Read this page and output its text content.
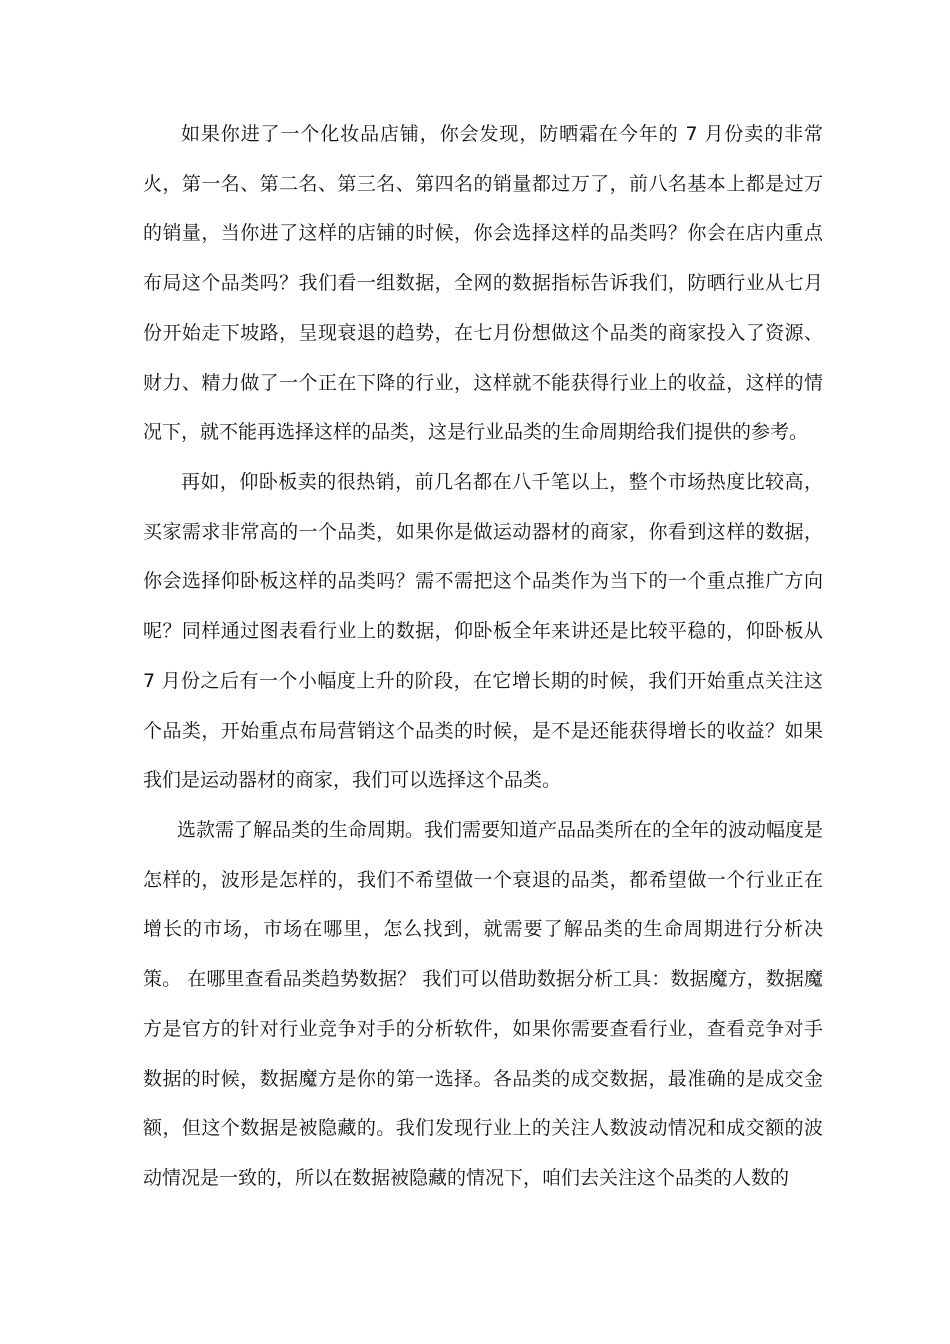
如果你进了一个化妆品店铺，你会发现，防晒霜在今年的 7 月份卖的非常火，第一名、第二名、第三名、第四名的销量都过万了，前八名基本上都是过万的销量，当你进了这样的店铺的时候，你会选择这样的品类吗？你会在店内重点布局这个品类吗？我们看一组数据，全网的数据指标告诉我们，防晒行业从七月份开始走下坡路，呈现衰退的趋势，在七月份想做这个品类的商家投入了资源、财力、精力做了一个正在下降的行业，这样就不能获得行业上的收益，这样的情况下，就不能再选择这样的品类，这是行业品类的生命周期给我们提供的参考。

再如，仰卧板卖的很热销，前几名都在八千笔以上，整个市场热度比较高，买家需求非常高的一个品类，如果你是做运动器材的商家，你看到这样的数据，你会选择仰卧板这样的品类吗？需不需把这个品类作为当下的一个重点推广方向呢？同样通过图表看行业上的数据，仰卧板全年来讲还是比较平稳的，仰卧板从 7 月份之后有一个小幅度上升的阶段，在它增长期的时候，我们开始重点关注这个品类，开始重点布局营销这个品类的时候，是不是还能获得增长的收益？如果我们是运动器材的商家，我们可以选择这个品类。

选款需了解品类的生命周期。我们需要知道产品品类所在的全年的波动幅度是怎样的，波形是怎样的，我们不希望做一个衰退的品类，都希望做一个行业正在增长的市场，市场在哪里，怎么找到，就需要了解品类的生命周期进行分析决策。 在哪里查看品类趋势数据？ 我们可以借助数据分析工具：数据魔方，数据魔方是官方的针对行业竞争对手的分析软件，如果你需要查看行业，查看竞争对手数据的时候，数据魔方是你的第一选择。各品类的成交数据，最准确的是成交金额，但这个数据是被隐藏的。我们发现行业上的关注人数波动情况和成交额的波动情况是一致的，所以在数据被隐藏的情况下，咱们去关注这个品类的人数的
